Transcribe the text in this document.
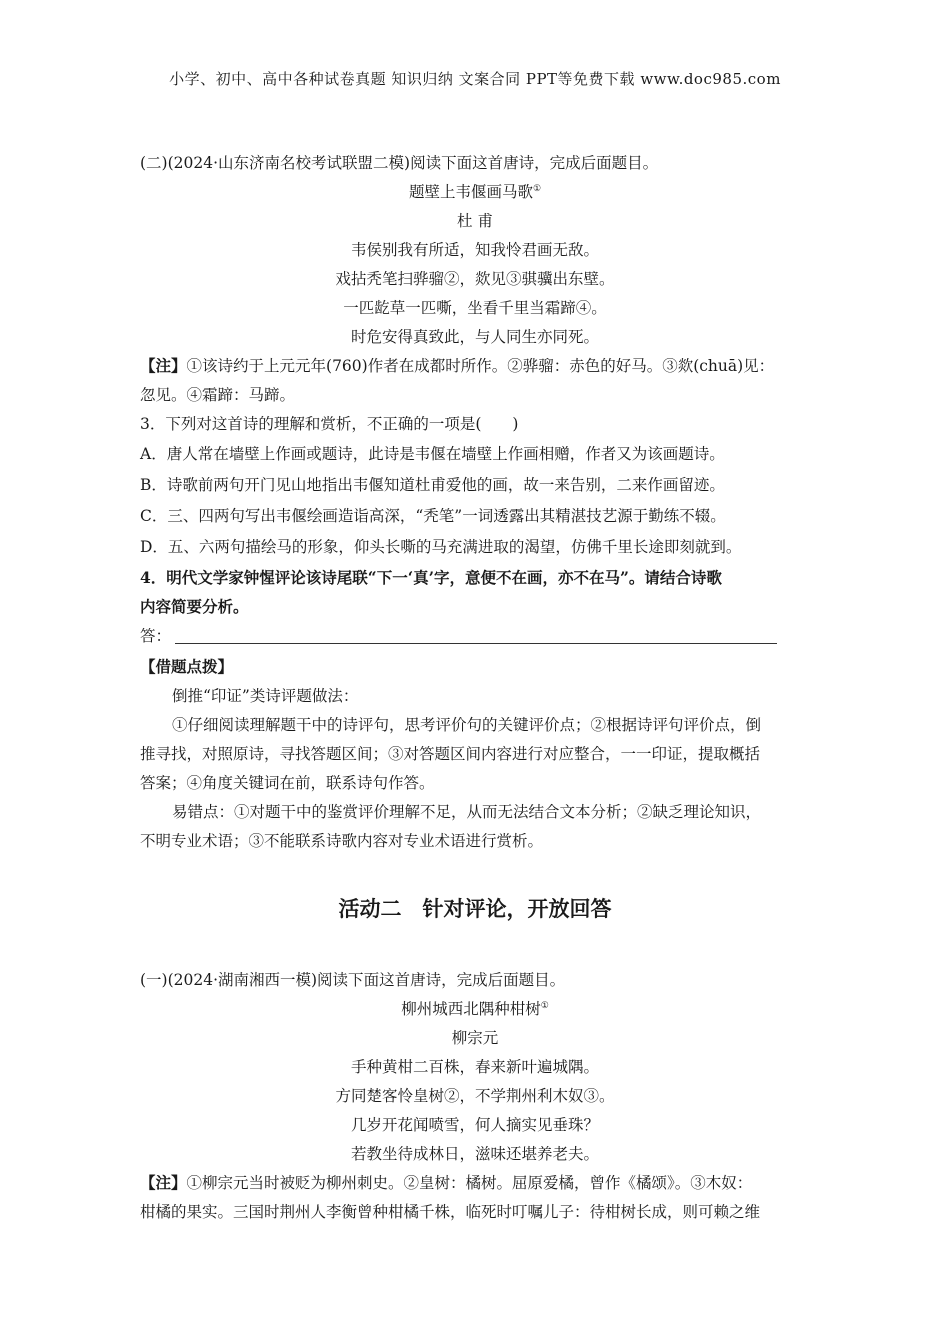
小学、初中、高中各种试卷真题 知识归纳 文案合同 PPT等免费下载 www.doc985.com
(二)(2024·山东济南名校考试联盟二模)阅读下面这首唐诗，完成后面题目。
题壁上韦偃画马歌①
杜 甫
韦侯别我有所适，知我怜君画无敌。
戏拈秃笔扫骅骝②，欻见③骐骥出东壁。
一匹龁草一匹嘶，坐看千里当霜蹄④。
时危安得真致此，与人同生亦同死。
【注】①该诗约于上元元年(760)作者在成都时所作。②骅骝：赤色的好马。③欻(chuā)见：
忽见。④霜蹄：马蹄。
3．下列对这首诗的理解和赏析，不正确的一项是(　　)
A．唐人常在墙壁上作画或题诗，此诗是韦偃在墙壁上作画相赠，作者又为该画题诗。
B．诗歌前两句开门见山地指出韦偃知道杜甫爱他的画，故一来告别，二来作画留迹。
C．三、四两句写出韦偃绘画造诣高深，“秃笔”一词透露出其精湛技艺源于勤练不辍。
D．五、六两句描绘马的形象，仰头长嘶的马充满进取的渴望，仿佛千里长途即刻就到。
4．明代文学家钟惺评论该诗尾联“下一‘真’字，意便不在画，亦不在马”。请结合诗歌
内容简要分析。
答：
【借题点拨】
倒推“印证”类诗评题做法：
①仔细阅读理解题干中的诗评句，思考评价句的关键评价点；②根据诗评句评价点，倒
推寻找，对照原诗，寻找答题区间；③对答题区间内容进行对应整合，一一印证，提取概括
答案；④角度关键词在前，联系诗句作答。
易错点：①对题干中的鉴赏评价理解不足，从而无法结合文本分析；②缺乏理论知识，
不明专业术语；③不能联系诗歌内容对专业术语进行赏析。
活动二　针对评论，开放回答
(一)(2024·湖南湘西一模)阅读下面这首唐诗，完成后面题目。
柳州城西北隅种柑树①
柳宗元
手种黄柑二百株，春来新叶遍城隅。
方同楚客怜皇树②，不学荆州利木奴③。
几岁开花闻喷雪，何人摘实见垂珠？
若教坐待成林日，滋味还堪养老夫。
【注】①柳宗元当时被贬为柳州刺史。②皇树：橘树。屈原爱橘，曾作《橘颂》。③木奴：
柑橘的果实。三国时荆州人李衡曾种柑橘千株，临死时叮嘱儿子：待柑树长成，则可赖之维
